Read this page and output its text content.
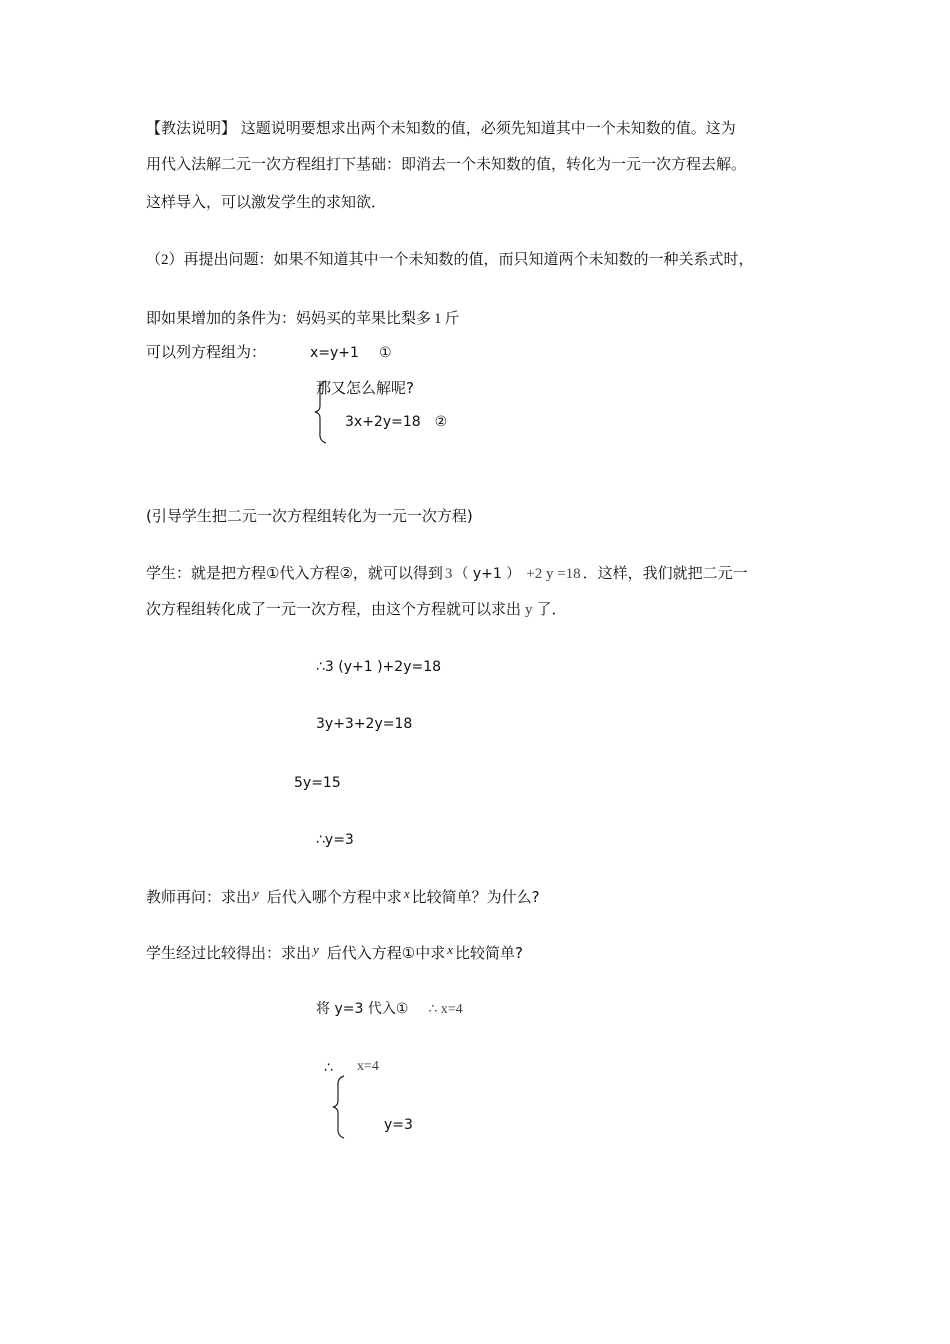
【教法说明】 这题说明要想求出两个未知数的值，必须先知道其中一个未知数的值。这为
用代入法解二元一次方程组打下基础：即消去一个未知数的值，转化为一元一次方程去解。
这样导入，可以激发学生的求知欲．
（2）再提出问题：如果不知道其中一个未知数的值，而只知道两个未知数的一种关系式时，
即如果增加的条件为：妈妈买的苹果比梨多 1 斤
可以列方程组为：	x=y+1 ①
那又怎么解呢?
3x+2y=18 ②
(引导学生把二元一次方程组转化为一元一次方程)
学生：就是把方程①代入方程②，就可以得到 3 （ y+1 ） +2 y =18 ．这样，我们就把二元一
次方程组转化成了一元一次方程，由这个方程就可以求出 y 了．
∴3 (y+1 )+2y=18
3y+3+2y=18
5y=15
∴y=3
教师再问：求出 y 后代入哪个方程中求 x 比较简单？为什么?
学生经过比较得出：求出 y 后代入方程①中求 x 比较简单?
将 y=3 代入① ∴ x=4
∴ x=4
y=3
